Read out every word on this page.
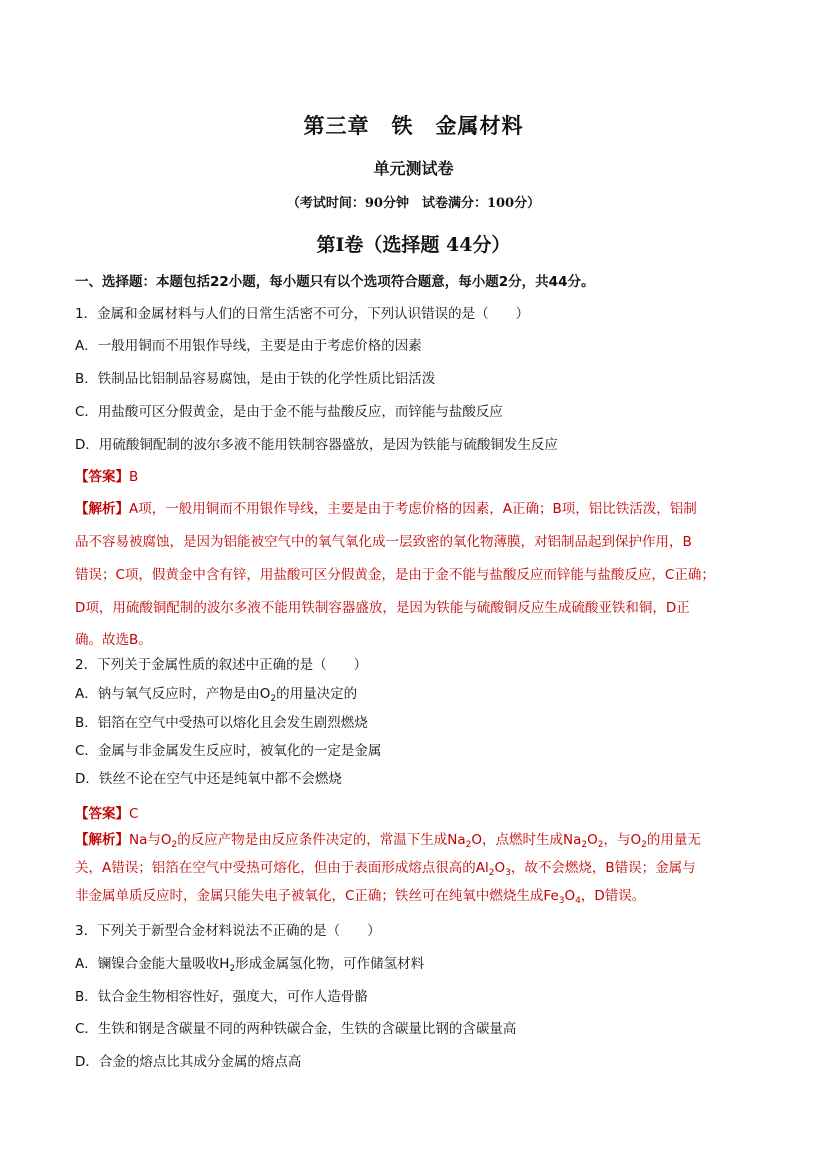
第三章 铁 金属材料
单元测试卷
（考试时间：90分钟　试卷满分：100分）
第Ⅰ卷（选择题 44分）
一、选择题：本题包括22小题，每小题只有以个选项符合题意，每小题2分，共44分。
1．金属和金属材料与人们的日常生活密不可分，下列认识错误的是（　　）
A．一般用铜而不用银作导线，主要是由于考虑价格的因素
B．铁制品比铝制品容易腐蚀，是由于铁的化学性质比铝活泼
C．用盐酸可区分假黄金，是由于金不能与盐酸反应，而锌能与盐酸反应
D．用硫酸铜配制的波尔多液不能用铁制容器盛放，是因为铁能与硫酸铜发生反应
【答案】B
【解析】A项，一般用铜而不用银作导线，主要是由于考虑价格的因素，A正确；B项，铝比铁活泼，铝制
品不容易被腐蚀，是因为铝能被空气中的氧气氧化成一层致密的氧化物薄膜，对铝制品起到保护作用，B
错误；C项，假黄金中含有锌，用盐酸可区分假黄金，是由于金不能与盐酸反应而锌能与盐酸反应，C正确；
D项，用硫酸铜配制的波尔多液不能用铁制容器盛放，是因为铁能与硫酸铜反应生成硫酸亚铁和铜，D正
确。故选B。
2．下列关于金属性质的叙述中正确的是（　　）
A．钠与氧气反应时，产物是由$O_2$的用量决定的
B．铝箔在空气中受热可以熔化且会发生剧烈燃烧
C．金属与非金属发生反应时，被氧化的一定是金属
D．铁丝不论在空气中还是纯氧中都不会燃烧
【答案】C
【解析】Na与$O_2$的反应产物是由反应条件决定的，常温下生成$Na_2O$，点燃时生成$Na_2O_2$，与$O_2$的用量无
关，A错误；铝箔在空气中受热可熔化，但由于表面形成熔点很高的$Al_2O_3$，故不会燃烧，B错误；金属与
非金属单质反应时，金属只能失电子被氧化，C正确；铁丝可在纯氧中燃烧生成$Fe_3O_4$，D错误。
3．下列关于新型合金材料说法不正确的是（　　）
A．镧镍合金能大量吸收$H_2$形成金属氢化物，可作储氢材料
B．钛合金生物相容性好，强度大，可作人造骨骼
C．生铁和钢是含碳量不同的两种铁碳合金，生铁的含碳量比钢的含碳量高
D．合金的熔点比其成分金属的熔点高
